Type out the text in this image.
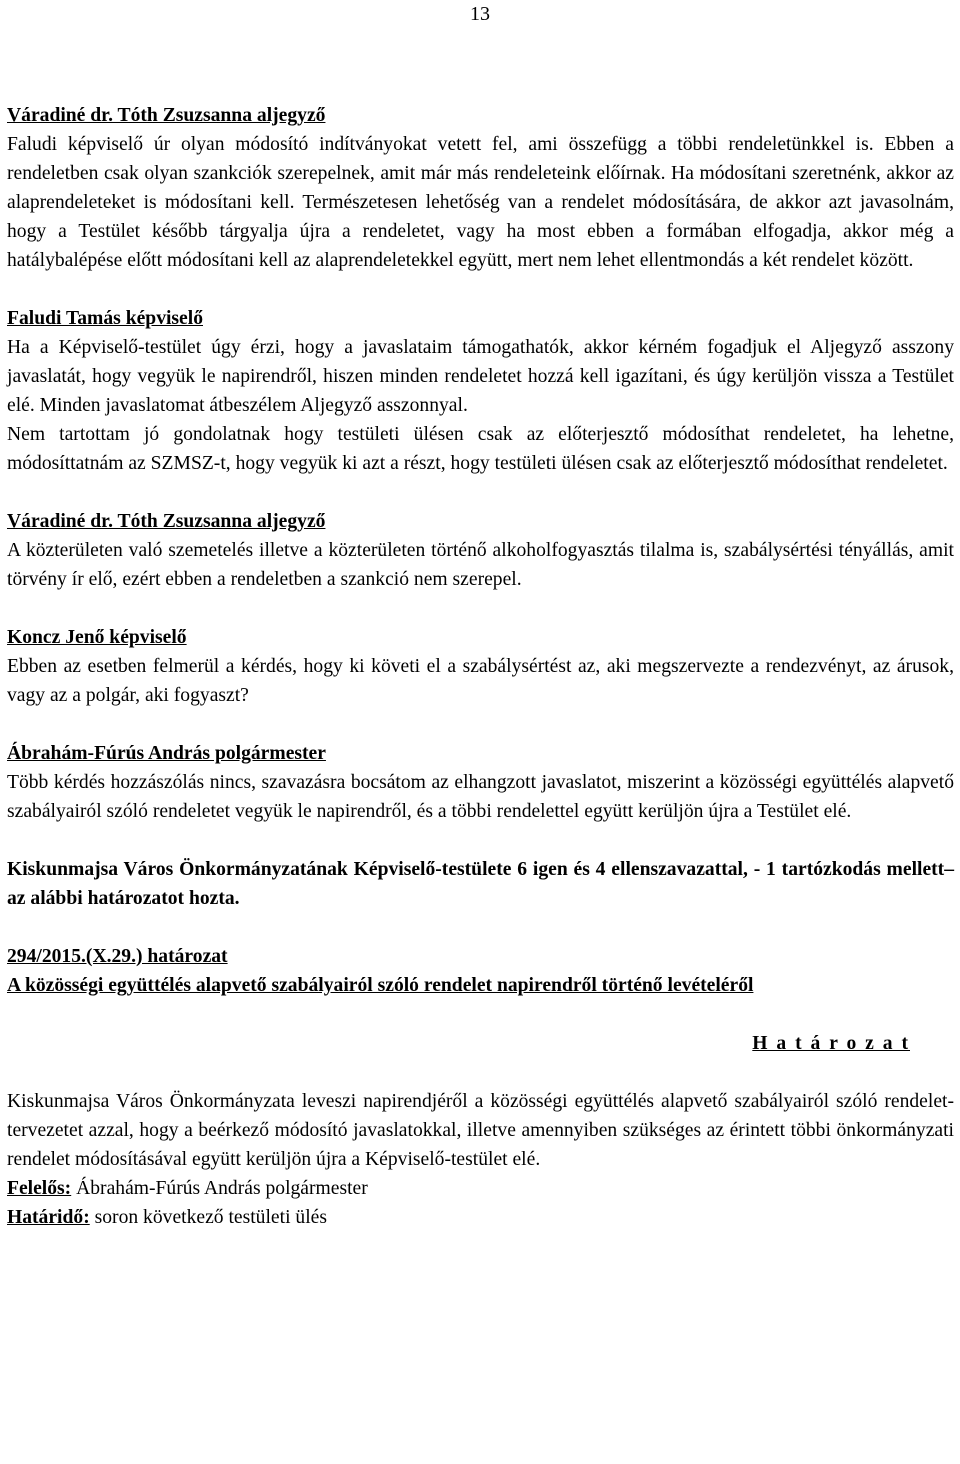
13

Váradiné dr. Tóth Zsuzsanna aljegyző

Faludi képviselő úr olyan módosító indítványokat vetett fel, ami összefügg a többi rendeletünkkel is. Ebben a rendeletben csak olyan szankciók szerepelnek, amit már más rendeleteink előírnak. Ha módosítani szeretnénk, akkor az alaprendeleteket is módosítani kell. Természetesen lehetőség van a rendelet módosítására, de akkor azt javasolnám, hogy a Testület később tárgyalja újra a rendeletet, vagy ha most ebben a formában elfogadja, akkor még a hatálybalépése előtt módosítani kell az alaprendeletekkel együtt, mert nem lehet ellentmondás a két rendelet között.

Faludi Tamás képviselő

Ha a Képviselő-testület úgy érzi, hogy a javaslataim támogathatók, akkor kérném fogadjuk el Aljegyző asszony javaslatát, hogy vegyük le napirendről, hiszen minden rendeletet hozzá kell igazítani, és úgy kerüljön vissza a Testület elé. Minden javaslatomat átbeszélem Aljegyző asszonnyal.

Nem tartottam jó gondolatnak hogy testületi ülésen csak az előterjesztő módosíthat rendeletet, ha lehetne, módosíttatnám az SZMSZ-t, hogy vegyük ki azt a részt, hogy testületi ülésen csak az előterjesztő módosíthat rendeletet.

Váradiné dr. Tóth Zsuzsanna aljegyző

A közterületen való szemetelés illetve a közterületen történő alkoholfogyasztás tilalma is, szabálysértési tényállás, amit törvény ír elő, ezért ebben a rendeletben a szankció nem szerepel.

Koncz Jenő képviselő

Ebben az esetben felmerül a kérdés, hogy ki követi el a szabálysértést az, aki megszervezte a rendezvényt, az árusok, vagy az a polgár, aki fogyaszt?

Ábrahám-Fúrús András polgármester

Több kérdés hozzászólás nincs, szavazásra bocsátom az elhangzott javaslatot, miszerint a közösségi együttélés alapvető szabályairól szóló rendeletet vegyük le napirendről, és a többi rendelettel együtt kerüljön újra a Testület elé.

Kiskunmajsa Város Önkormányzatának Képviselő-testülete 6 igen és 4 ellenszavazattal, - 1 tartózkodás mellett– az alábbi határozatot hozta.

294/2015.(X.29.) határozat

A közösségi együttélés alapvető szabályairól szóló rendelet napirendről történő levételéről

H a t á r o z a t

Kiskunmajsa Város Önkormányzata leveszi napirendjéről a közösségi együttélés alapvető szabályairól szóló rendelet-tervezetet azzal, hogy a beérkező módosító javaslatokkal, illetve amennyiben szükséges az érintett többi önkormányzati rendelet módosításával együtt kerüljön újra a Képviselő-testület elé.

Felelős: Ábrahám-Fúrús András polgármester

Határidő: soron következő testületi ülés
